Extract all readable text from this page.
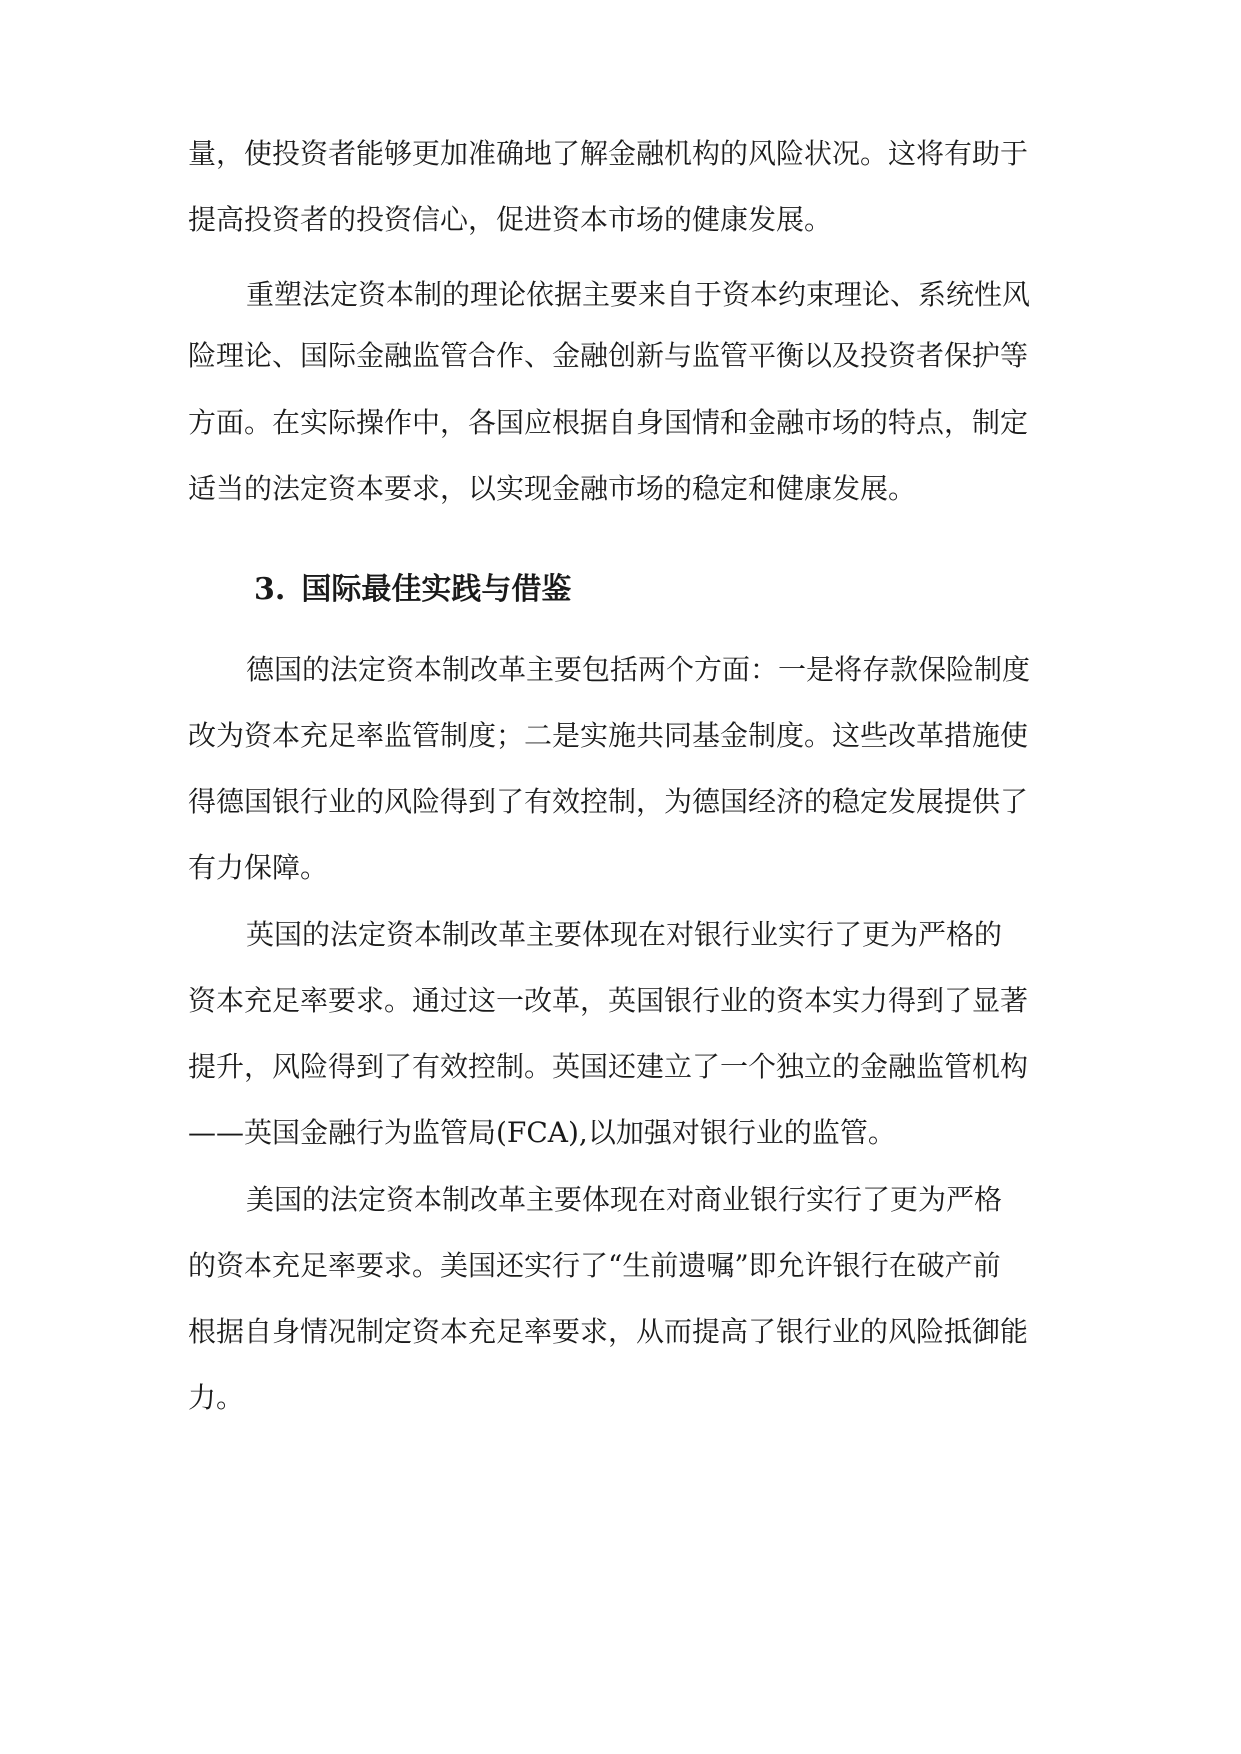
量，使投资者能够更加准确地了解金融机构的风险状况。这将有助于
提高投资者的投资信心，促进资本市场的健康发展。
重塑法定资本制的理论依据主要来自于资本约束理论、系统性风
险理论、国际金融监管合作、金融创新与监管平衡以及投资者保护等
方面。在实际操作中，各国应根据自身国情和金融市场的特点，制定
适当的法定资本要求，以实现金融市场的稳定和健康发展。
3. 国际最佳实践与借鉴
德国的法定资本制改革主要包括两个方面：一是将存款保险制度
改为资本充足率监管制度；二是实施共同基金制度。这些改革措施使
得德国银行业的风险得到了有效控制，为德国经济的稳定发展提供了
有力保障。
英国的法定资本制改革主要体现在对银行业实行了更为严格的
资本充足率要求。通过这一改革，英国银行业的资本实力得到了显著
提升，风险得到了有效控制。英国还建立了一个独立的金融监管机构
——英国金融行为监管局(FCA),以加强对银行业的监管。
美国的法定资本制改革主要体现在对商业银行实行了更为严格
的资本充足率要求。美国还实行了“生前遗嘱”即允许银行在破产前
根据自身情况制定资本充足率要求，从而提高了银行业的风险抵御能
力。
